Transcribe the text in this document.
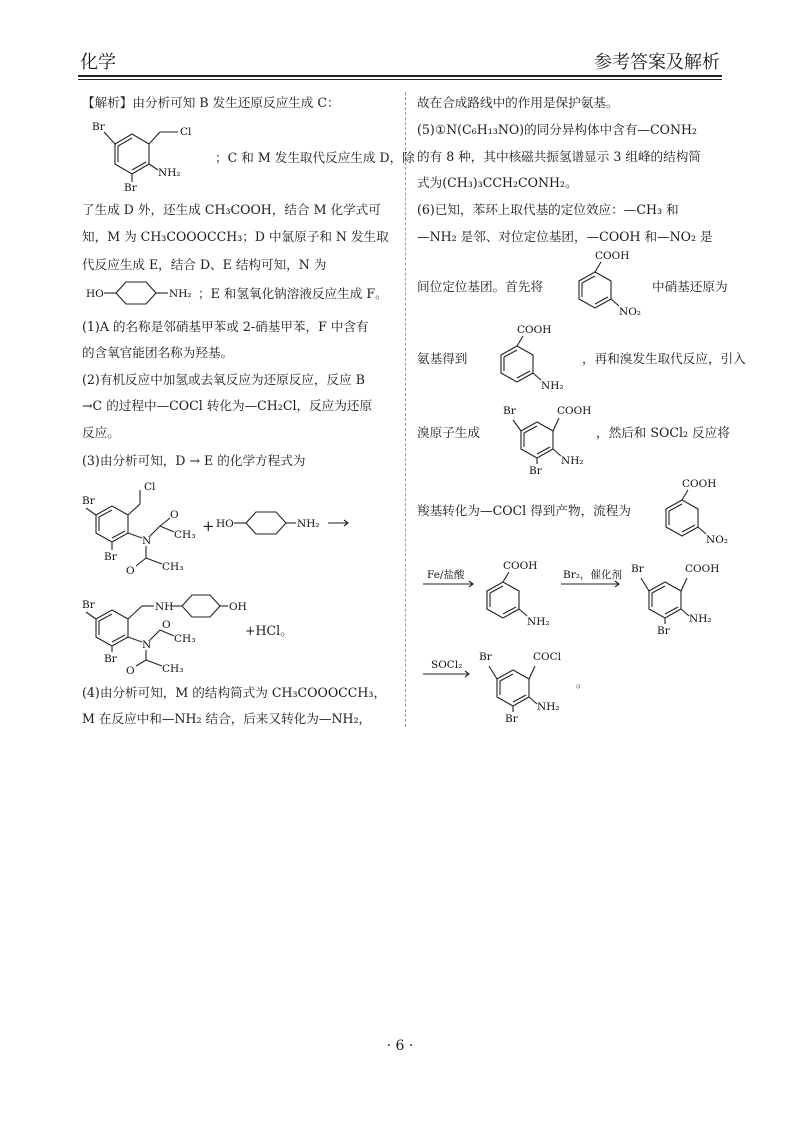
化学	参考答案及解析
【解析】由分析可知 B 发生还原反应生成 C：
Br	Cl
NH₂
Br
；C 和 M 发生取代反应生成 D，除
了生成 D 外，还生成 CH₃COOH，结合 M 化学式可
知，M 为 CH₃COOOCCH₃；D 中氯原子和 N 发生取
代反应生成 E，结合 D、E 结构可知，N 为
HO	NH₂ ；E 和氢氧化钠溶液反应生成 F。
(1)A 的名称是邻硝基甲苯或 2-硝基甲苯，F 中含有
的含氧官能团名称为羟基。
(2)有机反应中加氢或去氧反应为还原反应，反应 B
→C 的过程中—COCl 转化为—CH₂Cl，反应为还原
反应。
(3)由分析可知，D → E 的化学方程式为
Br
Cl
N
O
CH₃
O	CH₃
Br
+ HO	NH₂
Br	NH	OH
N
O
CH₃
O	CH₃
Br
+HCl。
(4)由分析可知，M 的结构简式为 CH₃COOOCCH₃，
M 在反应中和—NH₂ 结合，后来又转化为—NH₂，
故在合成路线中的作用是保护氨基。
(5)①N(C₆H₁₃NO)的同分异构体中含有—CONH₂
的有 8 种，其中核磁共振氢谱显示 3 组峰的结构简
式为(CH₃)₃CCH₂CONH₂。
(6)已知，苯环上取代基的定位效应：—CH₃ 和
—NH₂ 是邻、对位定位基团，—COOH 和—NO₂ 是
间位定位基团。首先将
COOH
NO₂
中硝基还原为
氨基得到
COOH
NH₂
，再和溴发生取代反应，引入
溴原子生成
Br	COOH
NH₂
Br
，然后和 SOCl₂ 反应将
羧基转化为—COCl 得到产物，流程为
COOH
NO₂
Fe/盐酸
COOH
NH₂
Br₂，催化剂 Br	COOH
NH₂
Br
SOCl₂
Br	COCl
NH₂
Br
。
· 6 ·
